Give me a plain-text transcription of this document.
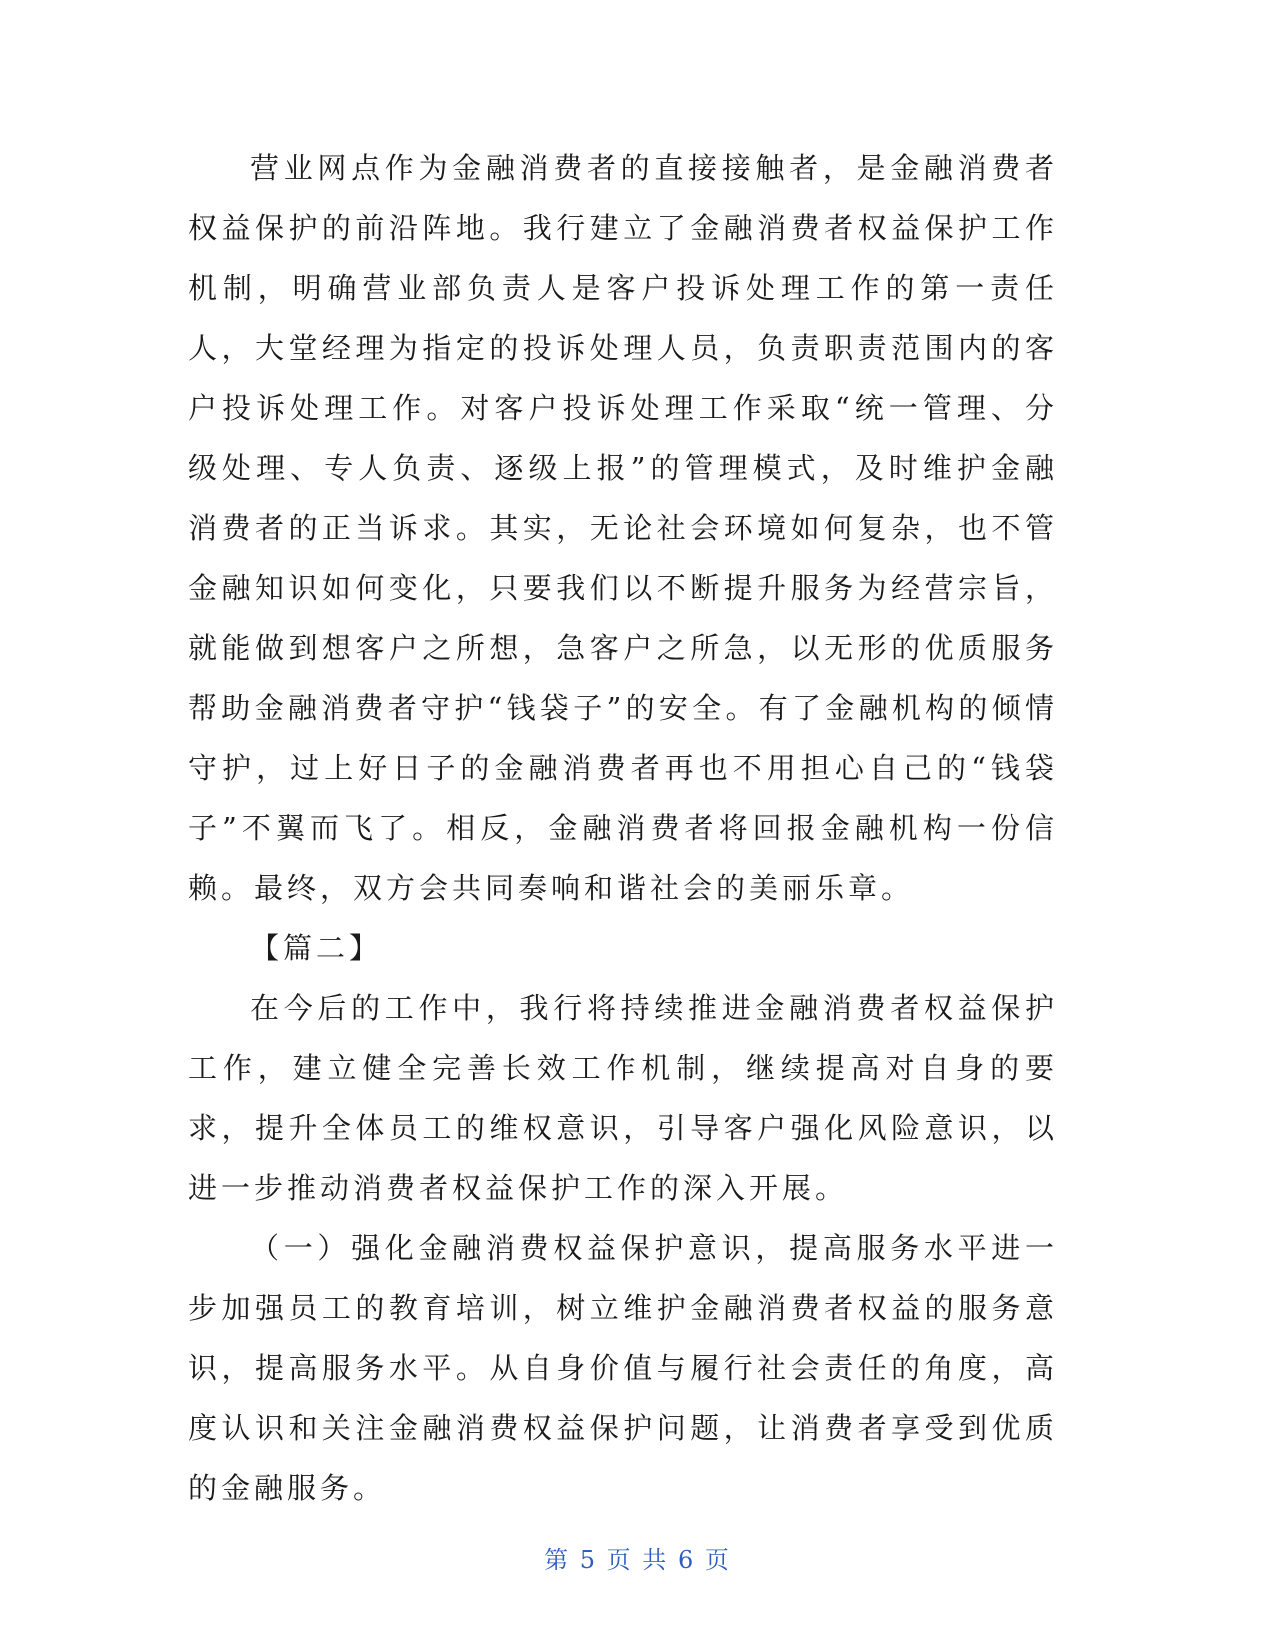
营业网点作为金融消费者的直接接触者，是金融消费者权益保护的前沿阵地。我行建立了金融消费者权益保护工作机制，明确营业部负责人是客户投诉处理工作的第一责任人，大堂经理为指定的投诉处理人员，负责职责范围内的客户投诉处理工作。对客户投诉处理工作采取“统一管理、分级处理、专人负责、逐级上报”的管理模式，及时维护金融消费者的正当诉求。其实，无论社会环境如何复杂，也不管金融知识如何变化，只要我们以不断提升服务为经营宗旨，就能做到想客户之所想，急客户之所急，以无形的优质服务帮助金融消费者守护“钱袋子”的安全。有了金融机构的倾情守护，过上好日子的金融消费者再也不用担心自己的“钱袋子”不翼而飞了。相反，金融消费者将回报金融机构一份信赖。最终，双方会共同奏响和谐社会的美丽乐章。

【篇二】

在今后的工作中，我行将持续推进金融消费者权益保护工作，建立健全完善长效工作机制，继续提高对自身的要求，提升全体员工的维权意识，引导客户强化风险意识，以进一步推动消费者权益保护工作的深入开展。

（一）强化金融消费权益保护意识，提高服务水平进一步加强员工的教育培训，树立维护金融消费者权益的服务意识，提高服务水平。从自身价值与履行社会责任的角度，高度认识和关注金融消费权益保护问题，让消费者享受到优质的金融服务。

第 5 页 共 6 页
